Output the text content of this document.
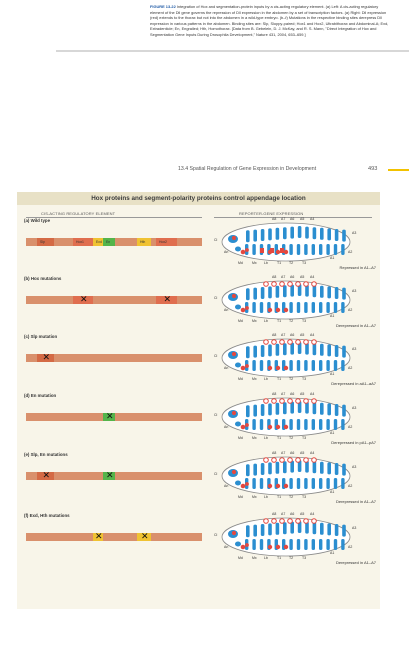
FIGURE 13-22 Integration of Hox and segmentation-protein inputs by a cis-acting regulatory element. (a) Left: A cis-acting regulatory element of the Dll gene governs the repression of Dll expression in the abdomen by a set of transcription factors. (a) Right: Dll expression (red) extends to the thorax but not into the abdomen in a wild-type embryo. (b–f) Mutations in the respective binding sites derepress Dll expression in various patterns in the abdomen. Binding sites are: Slp, Sloppy-paired; Hox1 and Hox2, Ultrabithorax and Abdominal-A; Exd, Extradenticle; En, Engrailed; Hth, Homothorax. [Data from B. Gebelein, D. J. McKay, and R. S. Mann, "Direct Integration of Hox and Segmentation Gene Inputs During Drosophila Development," Nature 431, 2004, 653–659.]
13.4 Spatial Regulation of Gene Expression in Development	493
Hox proteins and segment-polarity proteins control appendage location
CIS-ACTING REGULATORY ELEMENT	REPORTER-GENE EXPRESSION
(a) Wild type
Slp	Hox1	Exd En	Hth	Hox2
A8 A7 A6 A5 A4
A3
A2
A1
Cl
An
Md	Mx Lb	T1 T2	T3
Repressed in A1–A7
(b) Hox mutations
✕	✕
A8 A7 A6 A5 A4
A3
A2
A1
Cl
An
Md	Mx Lb	T1 T2	T3
Derepressed in A1–A7
(c) Slp mutation
✕
A8 A7 A6 A5 A4
A3
A2
A1
Cl
An
Md	Mx Lb	T1 T2	T3
Derepressed in aA1–aA7
(d) En mutation
✕
A8 A7 A6 A5 A4
A3
A2
A1
Cl
An
Md	Mx Lb	T1 T2	T3
Derepressed in pA1–pA7
(e) Slp, En mutations
✕	✕
A8 A7 A6 A5 A4
A3
A2
A1
Cl
An
Md	Mx Lb	T1 T2	T3
Derepressed in A1–A7
(f) Exd, Hth mutations
✕	✕
A8 A7 A6 A5 A4
A3
A2
A1
Cl
An
Md	Mx Lb	T1 T2	T3
Derepressed in A1–A7
